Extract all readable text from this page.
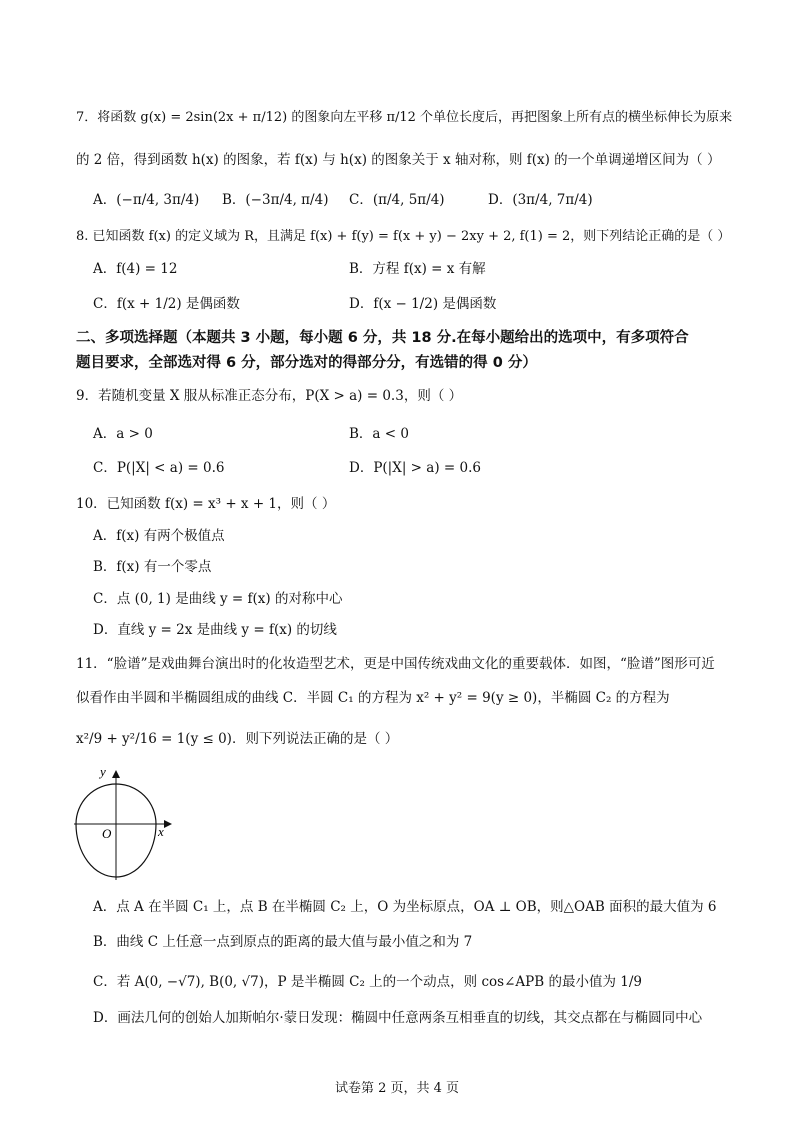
7．将函数 g(x) = 2sin(2x + π/12) 的图象向左平移 π/12 个单位长度后，再把图象上所有点的横坐标伸长为原来
的 2 倍，得到函数 h(x) 的图象，若 f(x) 与 h(x) 的图象关于 x 轴对称，则 f(x) 的一个单调递增区间为（ ）
A．(−π/4, 3π/4) B．(−3π/4, π/4) C．(π/4, 5π/4)	D．(3π/4, 7π/4)
8. 已知函数 f(x) 的定义域为 R，且满足 f(x) + f(y) = f(x + y) − 2xy + 2, f(1) = 2，则下列结论正确的是（ ）
A．f(4) = 12	B．方程 f(x) = x 有解
C．f(x + 1/2) 是偶函数	D．f(x − 1/2) 是偶函数
二、多项选择题（本题共 3 小题，每小题 6 分，共 18 分.在每小题给出的选项中，有多项符合
题目要求，全部选对得 6 分，部分选对的得部分分，有选错的得 0 分）
9．若随机变量 X 服从标准正态分布，P(X > a) = 0.3，则（ ）
A．a > 0	B．a < 0
C．P(|X| < a) = 0.6	D．P(|X| > a) = 0.6
10．已知函数 f(x) = x³ + x + 1，则（ ）
A．f(x) 有两个极值点
B．f(x) 有一个零点
C．点 (0, 1) 是曲线 y = f(x) 的对称中心
D．直线 y = 2x 是曲线 y = f(x) 的切线
11．“脸谱”是戏曲舞台演出时的化妆造型艺术，更是中国传统戏曲文化的重要载体．如图，“脸谱”图形可近
似看作由半圆和半椭圆组成的曲线 C．半圆 C₁ 的方程为 x² + y² = 9(y ≥ 0)，半椭圆 C₂ 的方程为
x²/9 + y²/16 = 1(y ≤ 0)．则下列说法正确的是（ ）
y
x
O
A．点 A 在半圆 C₁ 上，点 B 在半椭圆 C₂ 上，O 为坐标原点，OA ⊥ OB，则△OAB 面积的最大值为 6
B．曲线 C 上任意一点到原点的距离的最大值与最小值之和为 7
C．若 A(0, −√7), B(0, √7)，P 是半椭圆 C₂ 上的一个动点，则 cos∠APB 的最小值为 1/9
D．画法几何的创始人加斯帕尔·蒙日发现：椭圆中任意两条互相垂直的切线，其交点都在与椭圆同中心
试卷第 2 页，共 4 页
